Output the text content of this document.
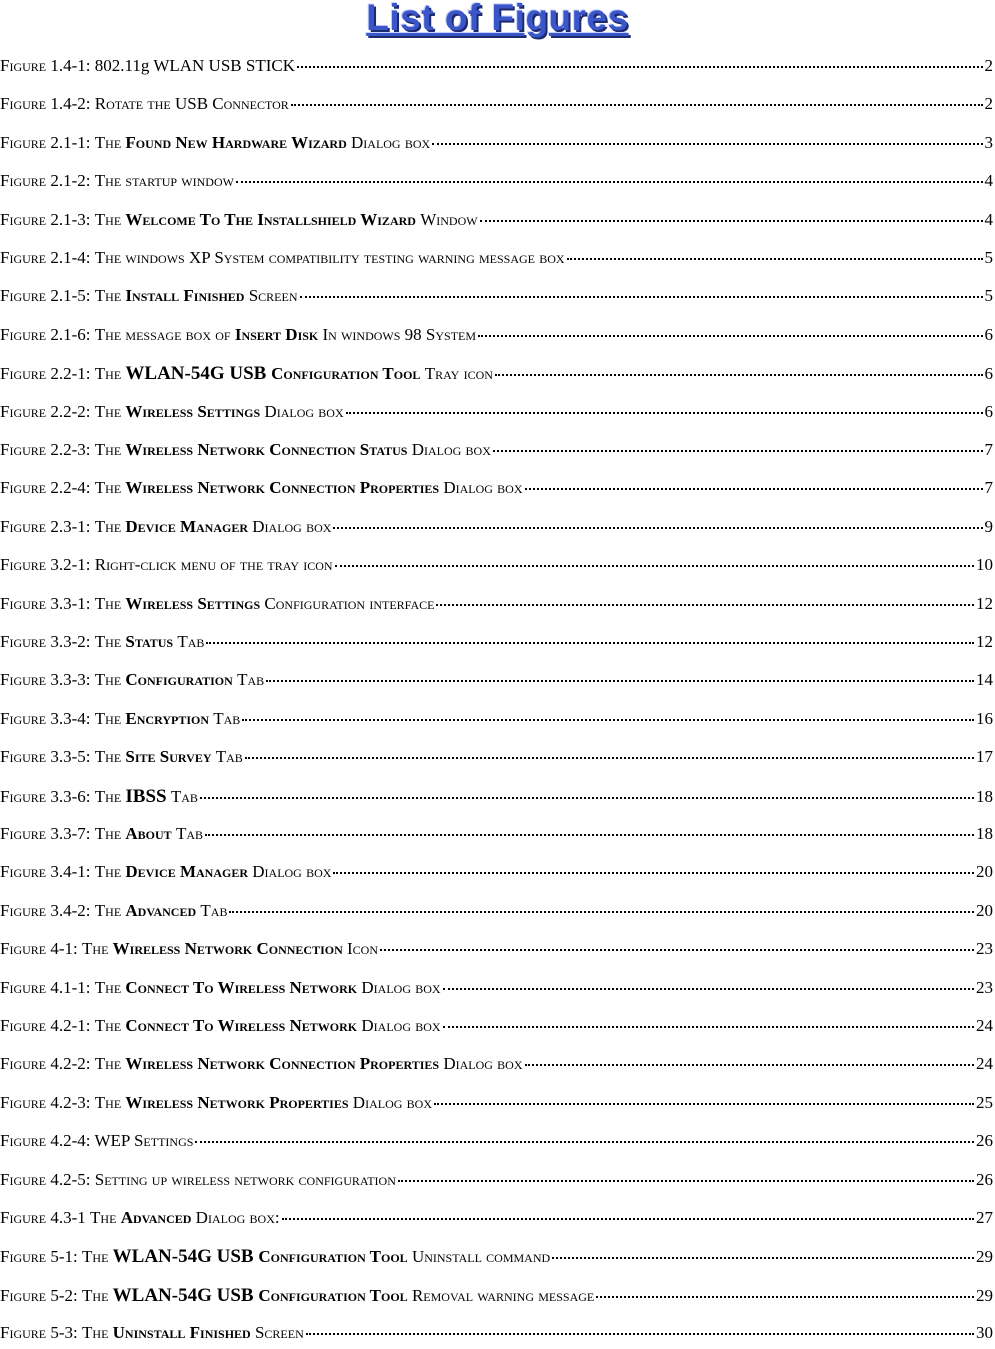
List of Figures
Figure 1.4-1: 802.11g WLAN USB STICK	2
Figure 1.4-2: Rotate the USB Connector	2
Figure 2.1-1: The Found New Hardware Wizard Dialog box	3
Figure 2.1-2: The startup window	4
Figure 2.1-3: The Welcome To The Installshield Wizard Window	4
Figure 2.1-4: The windows XP System compatibility testing warning message box	5
Figure 2.1-5: The Install Finished Screen	5
Figure 2.1-6: The message box of Insert Disk In windows 98 System	6
Figure 2.2-1: The WLAN-54G USB Configuration Tool Tray icon	6
Figure 2.2-2: The Wireless Settings Dialog box	6
Figure 2.2-3: The Wireless Network Connection Status Dialog box	7
Figure 2.2-4: The Wireless Network Connection Properties Dialog box	7
Figure 2.3-1: The Device Manager Dialog box	9
Figure 3.2-1: Right-click menu of the tray icon	10
Figure 3.3-1: The Wireless Settings Configuration interface	12
Figure 3.3-2: The Status Tab	12
Figure 3.3-3: The Configuration Tab	14
Figure 3.3-4: The Encryption Tab	16
Figure 3.3-5: The Site Survey Tab	17
Figure 3.3-6: The IBSS Tab	18
Figure 3.3-7: The About Tab	18
Figure 3.4-1: The Device Manager Dialog box	20
Figure 3.4-2: The Advanced Tab	20
Figure 4-1: The Wireless Network Connection Icon	23
Figure 4.1-1: The Connect To Wireless Network Dialog box	23
Figure 4.2-1: The Connect To Wireless Network Dialog box	24
Figure 4.2-2: The Wireless Network Connection Properties Dialog box	24
Figure 4.2-3: The Wireless Network Properties Dialog box	25
Figure 4.2-4: WEP Settings	26
Figure 4.2-5: Setting up wireless network configuration	26
Figure 4.3-1 The Advanced Dialog box:	27
Figure 5-1: The WLAN-54G USB Configuration Tool Uninstall command	29
Figure 5-2: The WLAN-54G USB Configuration Tool Removal warning message	29
Figure 5-3: The Uninstall Finished Screen	30
